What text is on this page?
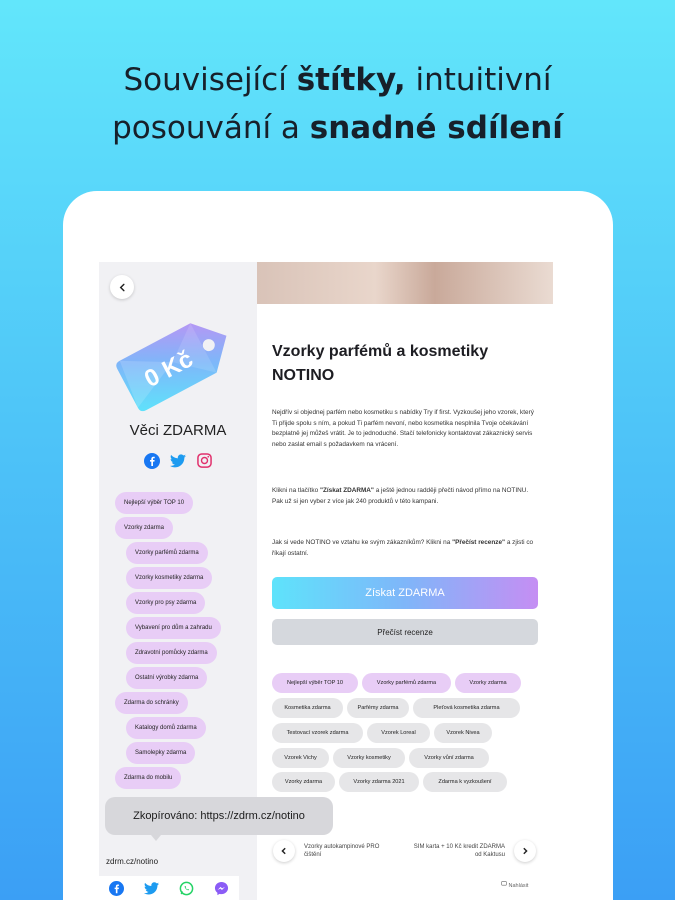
Související štítky, intuitivní
posouvání a snadné sdílení
0 Kč
Věci ZDARMA
Nejlepší výběr TOP 10
Vzorky zdarma
Vzorky parfémů zdarma
Vzorky kosmetiky zdarma
Vzorky pro psy zdarma
Vybavení pro dům a zahradu
Zdravotní pomůcky zdarma
Ostatní výrobky zdarma
Zdarma do schránky
Katalogy domů zdarma
Samolepky zdarma
Zdarma do mobilu
Vzorky parfémů a kosmetiky NOTINO
Nejdřív si objednej parfém nebo kosmetiku s nabídky Try if first. Vyzkoušej jeho vzorek, který Ti přijde spolu s ním, a pokud Ti parfém nevoní, nebo kosmetika nesplnila Tvoje očekávání bezplatně jej můžeš vrátit. Je to jednoduché. Stačí telefonicky kontaktovat zákaznický servis nebo zaslat email s požadavkem na vrácení.
Klikni na tlačítko "Získat ZDARMA" a ještě jednou radději přečti návod přímo na NOTINU. Pak už si jen vyber z více jak 240 produktů v této kampani.
Jak si vede NOTINO ve vztahu ke svým zákazníkům? Klikni na "Přečíst recenze" a zjisti co říkají ostatní.
Získat ZDARMA
Přečíst recenze
Nejlepší výběr TOP 10	Vzorky parfémů zdarma	Vzorky zdarma
Kosmetika zdarma	Parfémy zdarma	Pleťová kosmetika zdarma
Testovací vzorek zdarma	Vzorek Loreal	Vzorek Nivea
Vzorek Vichy	Vzorky kosmetiky	Vzorky vůní zdarma
Vzorky zdarma	Vzorky zdarma 2021	Zdarma k vyzkoušení
Vzorky autokampinové PRO čištění
SIM karta + 10 Kč kredit ZDARMA od Kaktusu
Nahlásit
Zkopírováno: https://zdrm.cz/notino
zdrm.cz/notino
